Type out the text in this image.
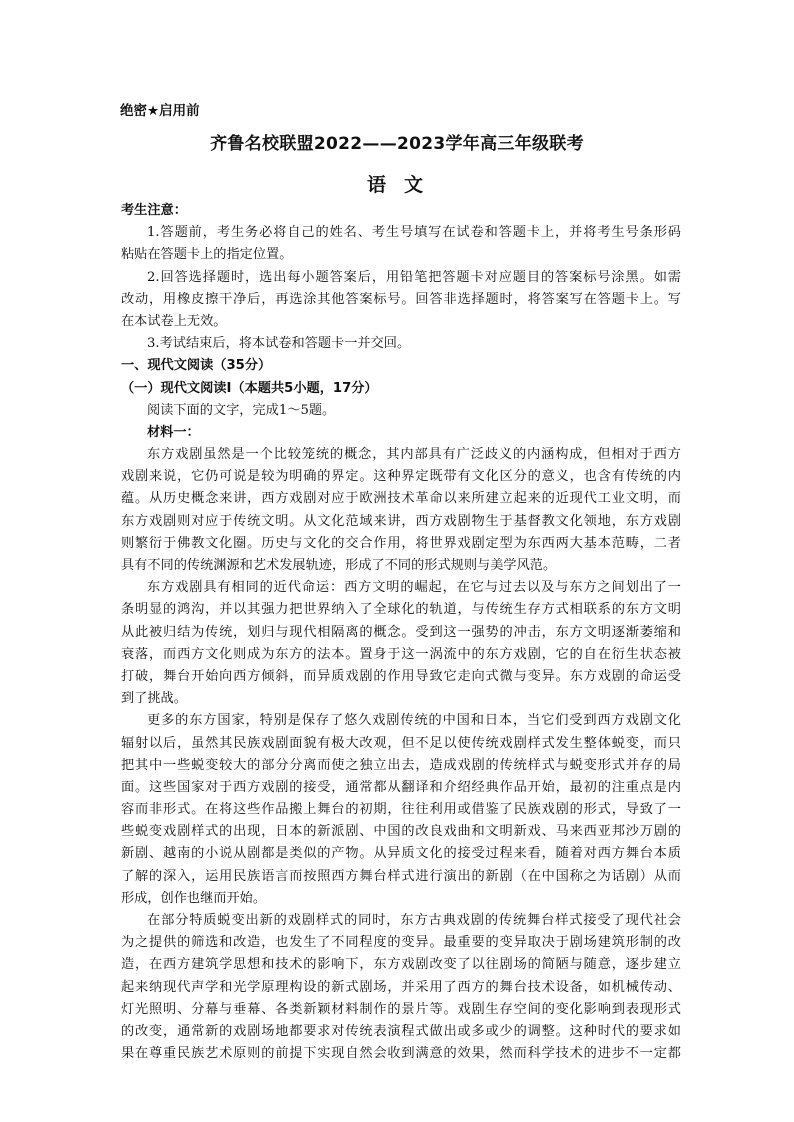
绝密★启用前
齐鲁名校联盟2022——2023学年高三年级联考
语文
考生注意：
1.答题前，考生务必将自己的姓名、考生号填写在试卷和答题卡上，并将考生号条形码
粘贴在答题卡上的指定位置。
2.回答选择题时，选出每小题答案后，用铅笔把答题卡对应题目的答案标号涂黑。如需
改动，用橡皮擦干净后，再选涂其他答案标号。回答非选择题时，将答案写在答题卡上。写
在本试卷上无效。
3.考试结束后，将本试卷和答题卡一并交回。
一、现代文阅读（35分）
（一）现代文阅读Ⅰ（本题共5小题，17分）
阅读下面的文字，完成1～5题。
材料一：
东方戏剧虽然是一个比较笼统的概念，其内部具有广泛歧义的内涵构成，但相对于西方
戏剧来说，它仍可说是较为明确的界定。这种界定既带有文化区分的意义，也含有传统的内
蕴。从历史概念来讲，西方戏剧对应于欧洲技术革命以来所建立起来的近现代工业文明，而
东方戏剧则对应于传统文明。从文化范域来讲，西方戏剧物生于基督教文化领地，东方戏剧
则繁衍于佛教文化圈。历史与文化的交合作用，将世界戏剧定型为东西两大基本范畴，二者
具有不同的传统渊源和艺术发展轨迹，形成了不同的形式规则与美学风范。
东方戏剧具有相同的近代命运：西方文明的崛起，在它与过去以及与东方之间划出了一
条明显的鸿沟，并以其强力把世界纳入了全球化的轨道，与传统生存方式相联系的东方文明
从此被归结为传统，划归与现代相隔离的概念。受到这一强势的冲击，东方文明逐渐萎缩和
衰落，而西方文化则成为东方的法本。置身于这一涡流中的东方戏剧，它的自在衍生状态被
打破，舞台开始向西方倾斜，而异质戏剧的作用导致它走向式微与变异。东方戏剧的命运受
到了挑战。
更多的东方国家，特别是保存了悠久戏剧传统的中国和日本，当它们受到西方戏剧文化
辐射以后，虽然其民族戏剧面貌有极大改观，但不足以使传统戏剧样式发生整体蜕变，而只
把其中一些蜕变较大的部分分离而使之独立出去，造成戏剧的传统样式与蜕变形式并存的局
面。这些国家对于西方戏剧的接受，通常都从翻译和介绍经典作品开始，最初的注重点是内
容而非形式。在将这些作品搬上舞台的初期，往往利用或借鉴了民族戏剧的形式，导致了一
些蜕变戏剧样式的出现，日本的新派剧、中国的改良戏曲和文明新戏、马来西亚邦沙万剧的
新剧、越南的小说从剧都是类似的产物。从异质文化的接受过程来看，随着对西方舞台本质
了解的深入，运用民族语言而按照西方舞台样式进行演出的新剧（在中国称之为话剧）从而
形成，创作也继而开始。
在部分特质蜕变出新的戏剧样式的同时，东方古典戏剧的传统舞台样式接受了现代社会
为之提供的筛选和改造，也发生了不同程度的变异。最重要的变异取决于剧场建筑形制的改
造，在西方建筑学思想和技术的影响下，东方戏剧改变了以往剧场的简陋与随意，逐步建立
起来纳现代声学和光学原理构设的新式剧场，并采用了西方的舞台技术设备，如机械传动、
灯光照明、分幕与垂幕、各类新颖材料制作的景片等。戏剧生存空间的变化影响到表现形式
的改变，通常新的戏剧场地都要求对传统表演程式做出或多或少的调整。这种时代的要求如
果在尊重民族艺术原则的前提下实现自然会收到满意的效果，然而科学技术的进步不一定都
